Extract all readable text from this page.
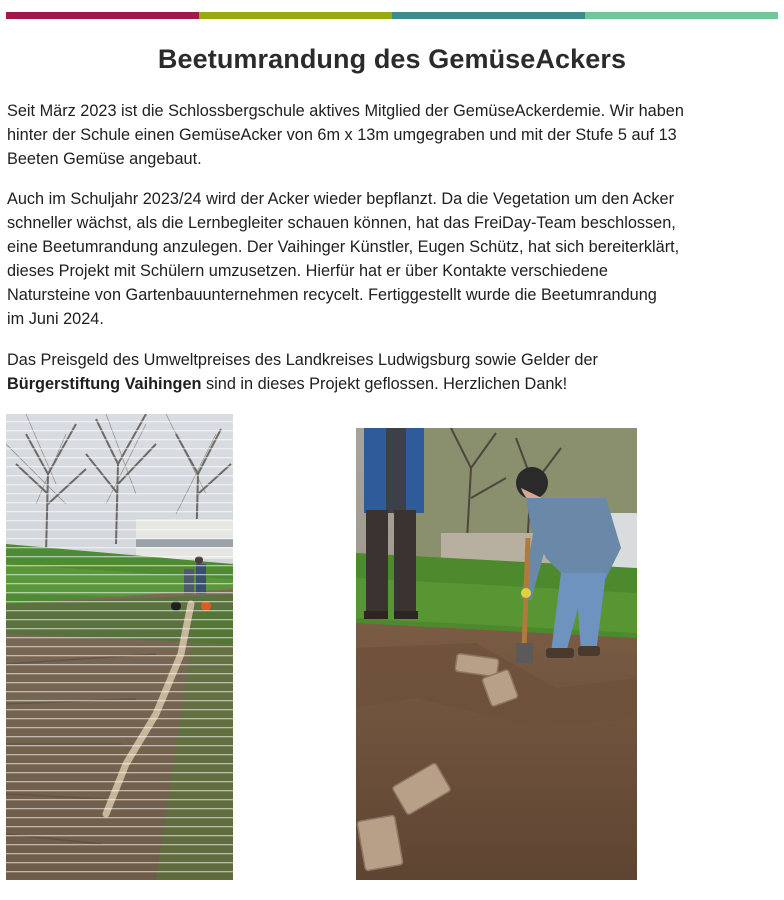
Beetumrandung des GemüseAckers

Seit März 2023 ist die Schlossbergschule aktives Mitglied der GemüseAckerdemie. Wir haben
hinter der Schule einen GemüseAcker von 6m x 13m umgegraben und mit der Stufe 5 auf 13
Beeten Gemüse angebaut.

Auch im Schuljahr 2023/24 wird der Acker wieder bepflanzt. Da die Vegetation um den Acker
schneller wächst, als die Lernbegleiter schauen können, hat das FreiDay-Team beschlossen,
eine Beetumrandung anzulegen. Der Vaihinger Künstler, Eugen Schütz, hat sich bereiterklärt,
dieses Projekt mit Schülern umzusetzen. Hierfür hat er über Kontakte verschiedene
Natursteine von Gartenbauunternehmen recycelt. Fertiggestellt wurde die Beetumrandung
im Juni 2024.

Das Preisgeld des Umweltpreises des Landkreises Ludwigsburg sowie Gelder der
Bürgerstiftung Vaihingen sind in dieses Projekt geflossen. Herzlichen Dank!
